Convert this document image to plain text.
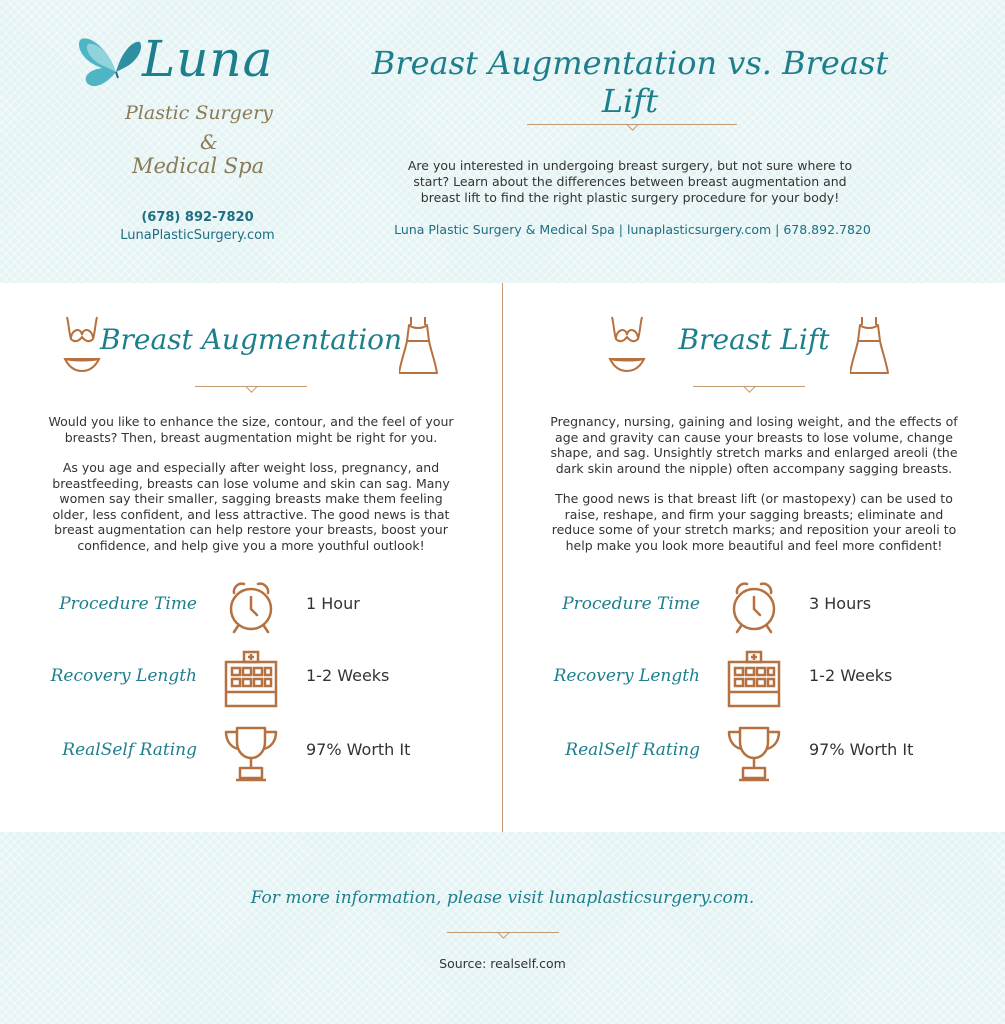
Luna
Plastic Surgery
&
Medical Spa
(678) 892-7820
LunaPlasticSurgery.com
Breast Augmentation vs. Breast Lift
Are you interested in undergoing breast surgery, but not sure where to start? Learn about the differences between breast augmentation and breast lift to find the right plastic surgery procedure for your body!
Luna Plastic Surgery & Medical Spa | lunaplasticsurgery.com | 678.892.7820
Breast Augmentation

Would you like to enhance the size, contour, and the feel of your breasts? Then, breast augmentation might be right for you.

As you age and especially after weight loss, pregnancy, and breastfeeding, breasts can lose volume and skin can sag. Many women say their smaller, sagging breasts make them feeling older, less confident, and less attractive. The good news is that breast augmentation can help restore your breasts, boost your confidence, and help give you a more youthful outlook!

Procedure Time	1 Hour
Recovery Length	1-2 Weeks
RealSelf Rating	97% Worth It
Breast Lift

Pregnancy, nursing, gaining and losing weight, and the effects of age and gravity can cause your breasts to lose volume, change shape, and sag. Unsightly stretch marks and enlarged areoli (the dark skin around the nipple) often accompany sagging breasts.

The good news is that breast lift (or mastopexy) can be used to raise, reshape, and firm your sagging breasts; eliminate and reduce some of your stretch marks; and reposition your areoli to help make you look more beautiful and feel more confident!

Procedure Time	3 Hours
Recovery Length	1-2 Weeks
RealSelf Rating	97% Worth It
For more information, please visit lunaplasticsurgery.com.
Source: realself.com
